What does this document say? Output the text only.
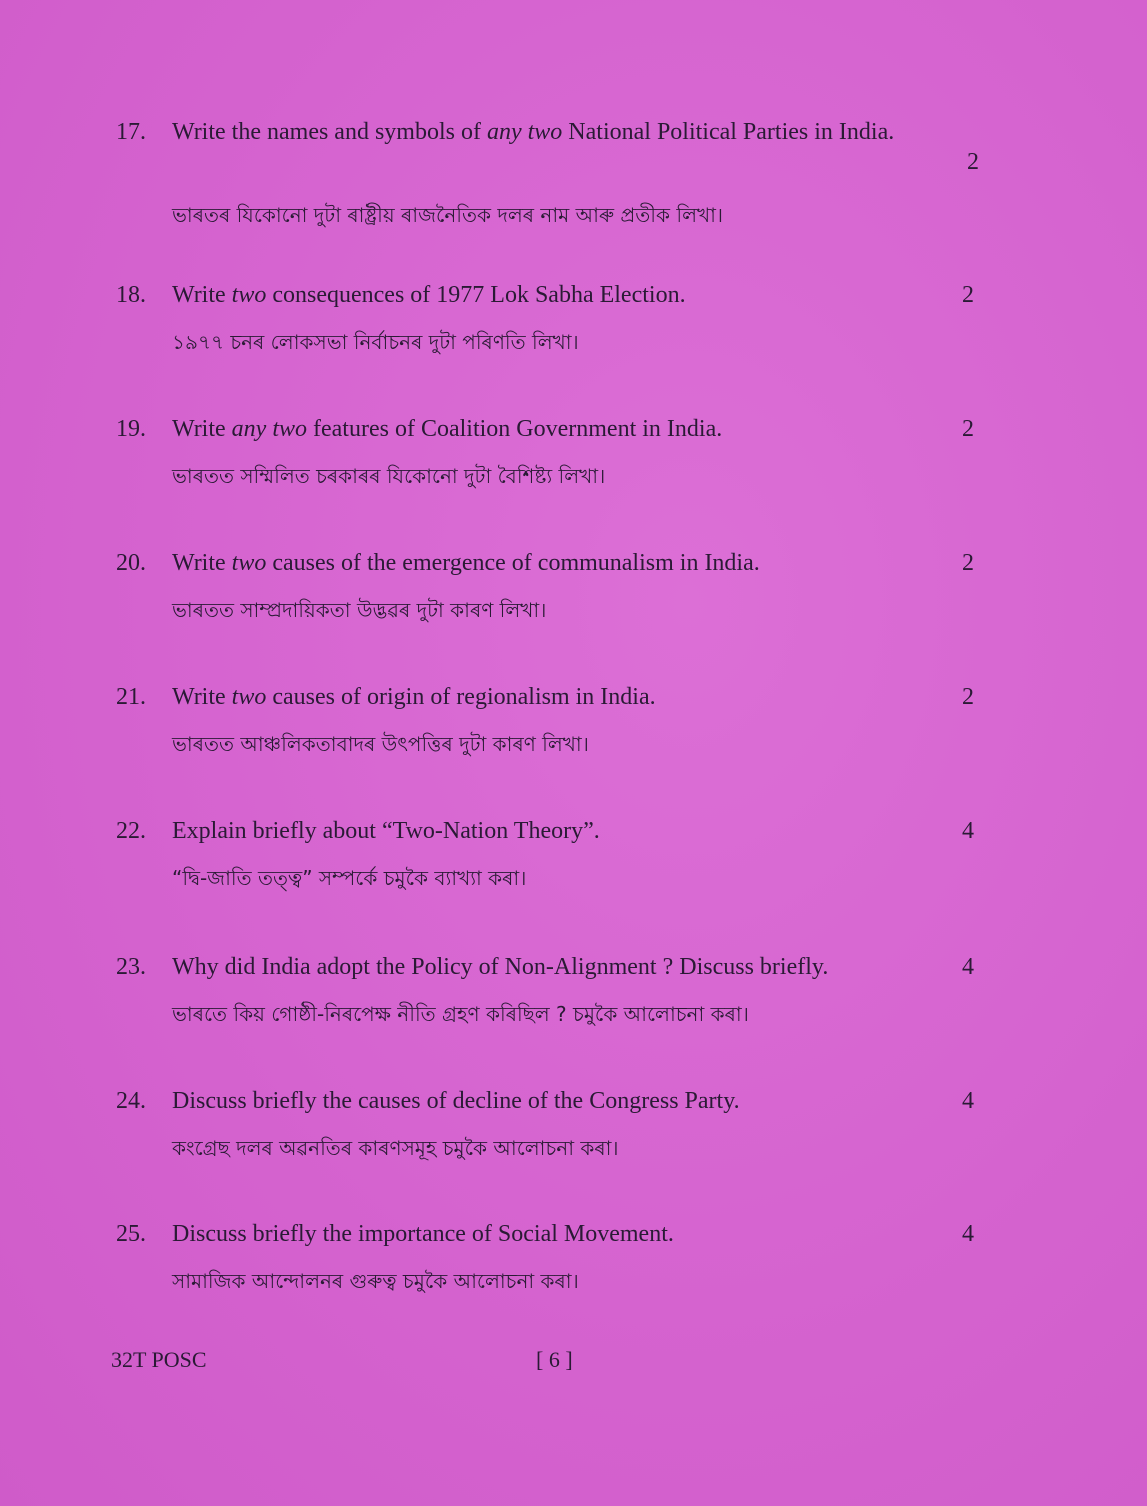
17. Write the names and symbols of any two National Political Parties in India.
2
ভাৰতৰ যিকোনো দুটা ৰাষ্ট্ৰীয় ৰাজনৈতিক দলৰ নাম আৰু প্ৰতীক লিখা।
18. Write two consequences of 1977 Lok Sabha Election.	2
১৯৭৭ চনৰ লোকসভা নিৰ্বাচনৰ দুটা পৰিণতি লিখা।
19. Write any two features of Coalition Government in India.	2
ভাৰতত সম্মিলিত চৰকাৰৰ যিকোনো দুটা বৈশিষ্ট্য লিখা।
20. Write two causes of the emergence of communalism in India.	2
ভাৰতত সাম্প্ৰদায়িকতা উদ্ভৱৰ দুটা কাৰণ লিখা।
21. Write two causes of origin of regionalism in India.	2
ভাৰতত আঞ্চলিকতাবাদৰ উৎপত্তিৰ দুটা কাৰণ লিখা।
22. Explain briefly about “Two-Nation Theory”.	4
“দ্বি-জাতি তত্ত্ব” সম্পৰ্কে চমুকৈ ব্যাখ্যা কৰা।
23. Why did India adopt the Policy of Non-Alignment ? Discuss briefly.	4
ভাৰতে কিয় গোষ্ঠী-নিৰপেক্ষ নীতি গ্ৰহণ কৰিছিল ? চমুকৈ আলোচনা কৰা।
24. Discuss briefly the causes of decline of the Congress Party.	4
কংগ্ৰেছ দলৰ অৱনতিৰ কাৰণসমূহ চমুকৈ আলোচনা কৰা।
25. Discuss briefly the importance of Social Movement.	4
সামাজিক আন্দোলনৰ গুৰুত্ব চমুকৈ আলোচনা কৰা।
32T POSC	[ 6 ]
